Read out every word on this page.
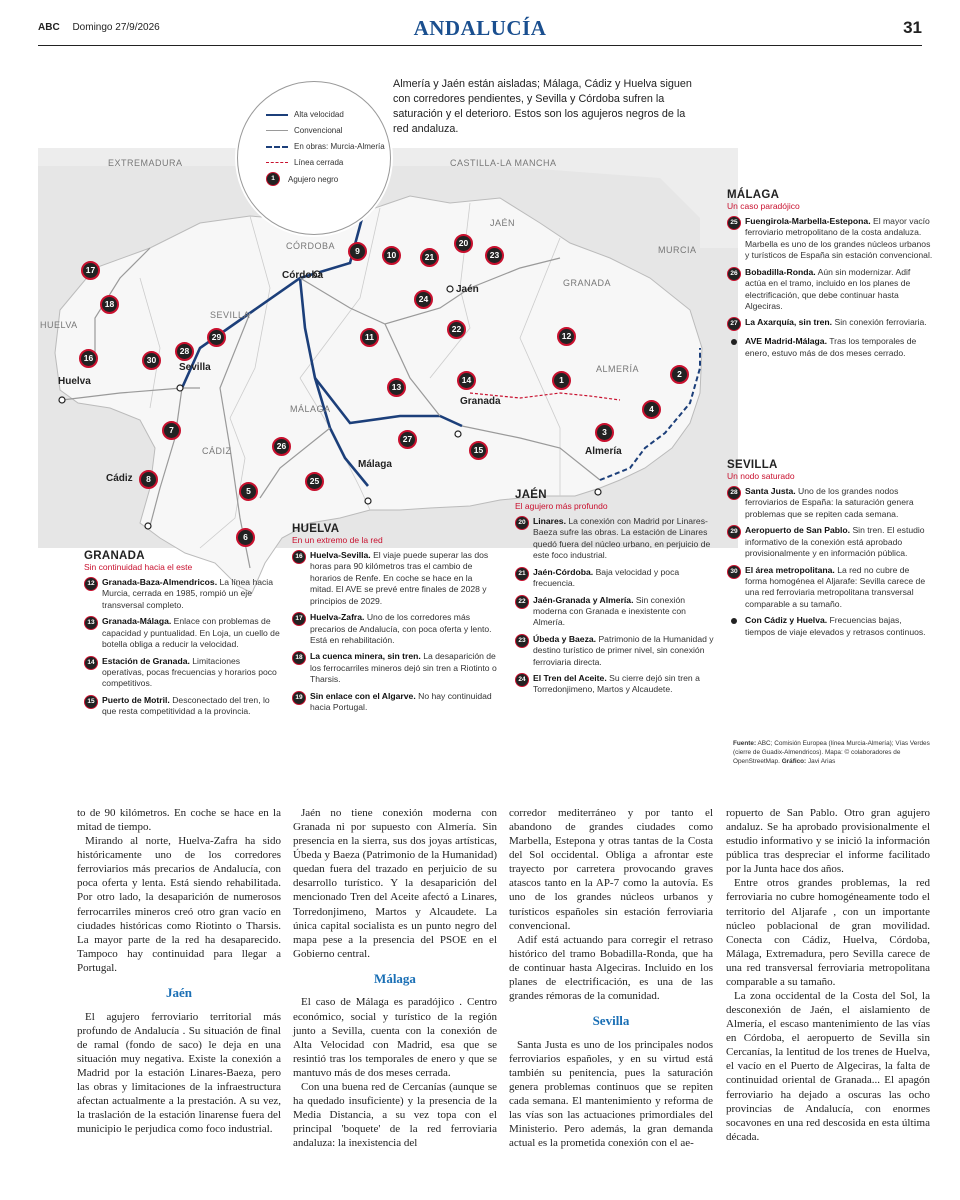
ABC Domingo 27/9/2026	ANDALUCÍA	31
EXTREMADURA	CASTILLA-LA MANCHA
CÓRDOBA
JAÉN
GRANADA
MURCIA
SEVILLA
HUELVA
MÁLAGA
CÁDIZ
ALMERÍA
Córdoba
Jaén
Sevilla
Huelva
Granada
Almería
Málaga
Cádiz
1
2
3
4
5
6
7
8
9	10
11	12
13
14
15
16
17
18
20
21
22
23
24
25
26
27
28
29
30
Almería y Jaén están aisladas; Málaga, Cádiz y Huelva siguen con corredores pendientes, y Sevilla y Córdoba sufren la saturación y el deterioro. Estos son los agujeros negros de la red andaluza.
Alta velocidad
Convencional
En obras: Murcia-Almería
Línea cerrada
1	Agujero negro
MÁLAGA
Un caso paradójico
25 Fuengirola-Marbella-Estepona. El mayor vacío ferroviario metropolitano de la costa andaluza. Marbella es uno de los grandes núcleos urbanos y turísticos de España sin estación convencional.
26 Bobadilla-Ronda. Aún sin modernizar. Adif actúa en el tramo, incluido en los planes de electrificación, que debe continuar hasta Algeciras.
27 La Axarquía, sin tren. Sin conexión ferroviaria.
AVE Madrid-Málaga. Tras los temporales de enero, estuvo más de dos meses cerrado.
SEVILLA
Un nodo saturado
28 Santa Justa. Uno de los grandes nodos ferroviarios de España: la saturación genera problemas que se repiten cada semana.
29 Aeropuerto de San Pablo. Sin tren. El estudio informativo de la conexión está aprobado provisionalmente y en información pública.
30 El área metropolitana. La red no cubre de forma homogénea el Aljarafe: Sevilla carece de una red ferroviaria metropolitana transversal comparable a su tamaño.
Con Cádiz y Huelva. Frecuencias bajas, tiempos de viaje elevados y retrasos continuos.
JAÉN
El agujero más profundo
20 Linares. La conexión con Madrid por Linares-Baeza sufre las obras. La estación de Linares quedó fuera del núcleo urbano, en perjuicio de este foco industrial.
21 Jaén-Córdoba. Baja velocidad y poca frecuencia.
22 Jaén-Granada y Almería. Sin conexión moderna con Granada e inexistente con Almería.
23 Úbeda y Baeza. Patrimonio de la Humanidad y destino turístico de primer nivel, sin conexión ferroviaria directa.
24 El Tren del Aceite. Su cierre dejó sin tren a Torredonjimeno, Martos y Alcaudete.
HUELVA
En un extremo de la red
16 Huelva-Sevilla. El viaje puede superar las dos horas para 90 kilómetros tras el cambio de horarios de Renfe. En coche se hace en la mitad. El AVE se prevé entre finales de 2028 y principios de 2029.
17 Huelva-Zafra. Uno de los corredores más precarios de Andalucía, con poca oferta y lento. Está en rehabilitación.
18 La cuenca minera, sin tren. La desaparición de los ferrocarriles mineros dejó sin tren a Riotinto o Tharsis.
19 Sin enlace con el Algarve. No hay continuidad hacia Portugal.
GRANADA
Sin continuidad hacia el este
12 Granada-Baza-Almendricos. La línea hacia Murcia, cerrada en 1985, rompió un eje transversal completo.
13 Granada-Málaga. Enlace con problemas de capacidad y puntualidad. En Loja, un cuello de botella obliga a reducir la velocidad.
14 Estación de Granada. Limitaciones operativas, pocas frecuencias y horarios poco competitivos.
15 Puerto de Motril. Desconectado del tren, lo que resta competitividad a la provincia.
Fuente: ABC; Comisión Europea (línea Murcia-Almería); Vías Verdes (cierre de Guadix-Almendricos). Mapa: © colaboradores de OpenStreetMap. Gráfico: Javi Arias

to de 90 kilómetros. En coche se hace en la mitad de tiempo.

Mirando al norte, Huelva-Zafra ha sido históricamente uno de los corredores ferroviarios más precarios de Andalucía, con poca oferta y lenta. Está siendo rehabilitada. Por otro lado, la desaparición de numerosos ferrocarriles mineros creó otro gran vacío en ciudades históricas como Riotinto o Tharsis. La mayor parte de la red ha desaparecido. Tampoco hay continuidad para llegar a Portugal.

Jaén

El agujero ferroviario territorial más profundo de Andalucía . Su situación de final de ramal (fondo de saco) le deja en una situación muy negativa. Existe la conexión a Madrid por la estación Linares-Baeza, pero las obras y limitaciones de la infraestructura afectan actualmente a la prestación. A su vez, la traslación de la estación linarense fuera del municipio le perjudica como foco industrial.

Jaén no tiene conexión moderna con Granada ni por supuesto con Almería. Sin presencia en la sierra, sus dos joyas artísticas, Úbeda y Baeza (Patrimonio de la Humanidad) quedan fuera del trazado en perjuicio de su desarrollo turístico. Y la desaparición del mencionado Tren del Aceite afectó a Linares, Torredonjimeno, Martos y Alcaudete. La única capital socialista es un punto negro del mapa pese a la presencia del PSOE en el Gobierno central.

Málaga

El caso de Málaga es paradójico . Centro económico, social y turístico de la región junto a Sevilla, cuenta con la conexión de Alta Velocidad con Madrid, esa que se resintió tras los temporales de enero y que se mantuvo más de dos meses cerrada.

Con una buena red de Cercanías (aunque se ha quedado insuficiente) y la presencia de la Media Distancia, a su vez topa con el principal 'boquete' de la red ferroviaria andaluza: la inexistencia del

corredor mediterráneo y por tanto el abandono de grandes ciudades como Marbella, Estepona y otras tantas de la Costa del Sol occidental. Obliga a afrontar este trayecto por carretera provocando graves atascos tanto en la AP-7 como la autovía. Es uno de los grandes núcleos urbanos y turísticos españoles sin estación ferroviaria convencional.

Adif está actuando para corregir el retraso histórico del tramo Bobadilla-Ronda, que ha de continuar hasta Algeciras. Incluido en los planes de electrificación, es una de las grandes rémoras de la comunidad.

Sevilla

Santa Justa es uno de los principales nodos ferroviarios españoles, y en su virtud está también su penitencia, pues la saturación genera problemas continuos que se repiten cada semana. El mantenimiento y reforma de las vías son las actuaciones primordiales del Ministerio. Pero además, la gran demanda actual es la prometida conexión con el ae-

ropuerto de San Pablo. Otro gran agujero andaluz. Se ha aprobado provisionalmente el estudio informativo y se inició la información pública tras despreciar el informe facilitado por la Junta hace dos años.

Entre otros grandes problemas, la red ferroviaria no cubre homogéneamente todo el territorio del Aljarafe , con un importante núcleo poblacional de gran movilidad. Conecta con Cádiz, Huelva, Córdoba, Málaga, Extremadura, pero Sevilla carece de una red transversal ferroviaria metropolitana comparable a su tamaño.

La zona occidental de la Costa del Sol, la desconexión de Jaén, el aislamiento de Almería, el escaso mantenimiento de las vías en Córdoba, el aeropuerto de Sevilla sin Cercanías, la lentitud de los trenes de Huelva, el vacío en el Puerto de Algeciras, la falta de continuidad oriental de Granada... El apagón ferroviario ha dejado a oscuras las ocho provincias de Andalucía, con enormes socavones en una red descosida en esta última década.
